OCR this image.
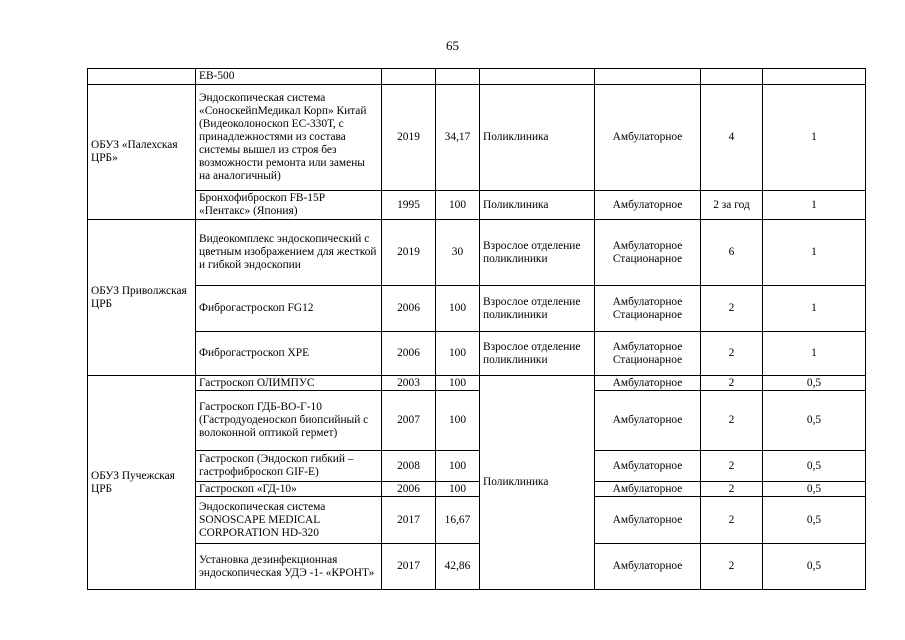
65
	ЕВ-500						
ОБУЗ «Палехская ЦРБ»	Эндоскопическая система «СоноскейпМедикал Корп» Китай (Видеоколоноскоп ЕС-330Т, с принадлежностями из состава системы вышел из строя без возможности ремонта или замены на аналогичный)	2019	34,17	Поликлиника	Амбулаторное	4	1
	Бронхофиброскоп FB-15P «Пентакс» (Япония)	1995	100	Поликлиника	Амбулаторное	2 за год	1
ОБУЗ Приволжская ЦРБ	Видеокомплекс эндоскопический с цветным изображением для жесткой и гибкой эндоскопии	2019	30	Взрослое отделение поликлиники	Амбулаторное Стационарное	6	1
	Фиброгастроскоп FG12	2006	100	Взрослое отделение поликлиники	Амбулаторное Стационарное	2	1
	Фиброгастроскоп XPE	2006	100	Взрослое отделение поликлиники	Амбулаторное Стационарное	2	1
ОБУЗ Пучежская ЦРБ	Гастроскоп ОЛИМПУС	2003	100	Поликлиника	Амбулаторное	2	0,5
	Гастроскоп ГДБ-ВО-Г-10 (Гастродуоденоскоп биопсийный с волоконной оптикой гермет)	2007	100		Амбулаторное	2	0,5
	Гастроскоп (Эндоскоп гибкий –гастрофиброскоп GIF-E)	2008	100		Амбулаторное	2	0,5
	Гастроскоп «ГД-10»	2006	100		Амбулаторное	2	0,5
	Эндоскопическая система SONOSCAPE MEDICAL CORPORATION HD-320	2017	16,67		Амбулаторное	2	0,5
	Установка дезинфекционная эндоскопическая УДЭ -1- «КРОНТ»	2017	42,86		Амбулаторное	2	0,5
